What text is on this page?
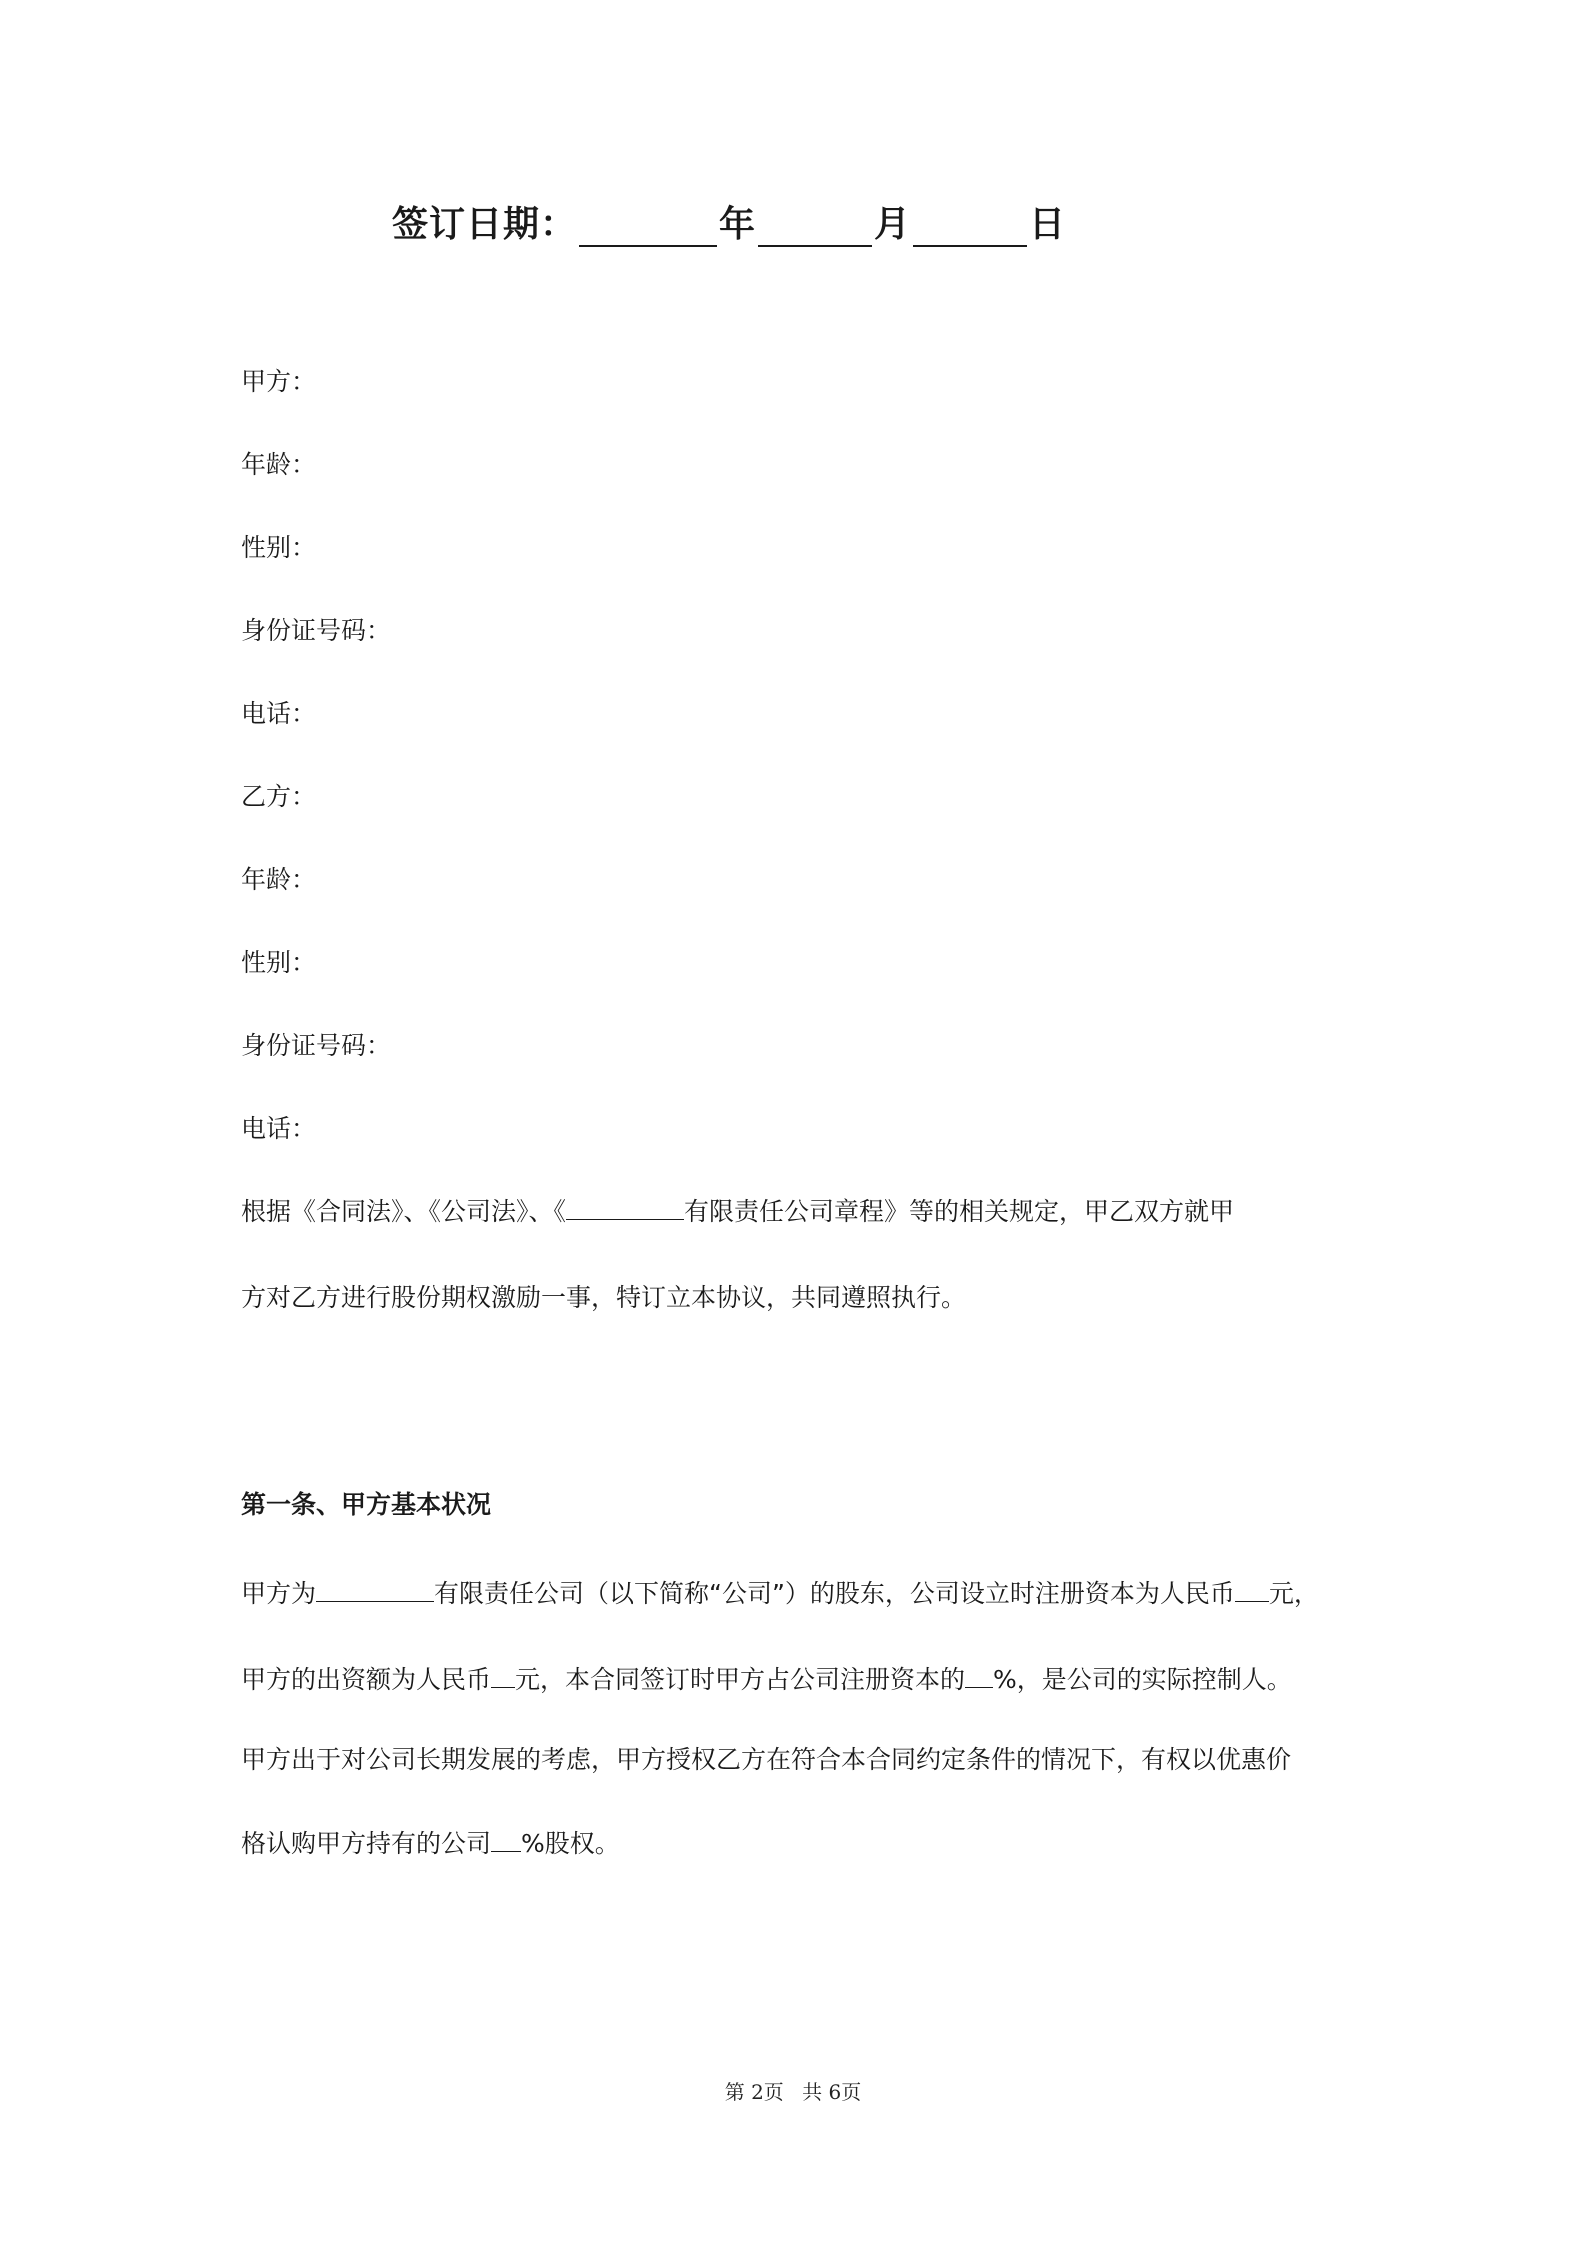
签订日期：	年	月	日
甲方：
年龄：
性别：
身份证号码：
电话：
乙方：
年龄：
性别：
身份证号码：
电话：
根据《合同法》、《公司法》、《	有限责任公司章程》等的相关规定，甲乙双方就甲
方对乙方进行股份期权激励一事，特订立本协议，共同遵照执行。
第一条、甲方基本状况
甲方为	有限责任公司（以下简称“公司”）的股东，公司设立时注册资本为人民币 元，
甲方的出资额为人民币 元，本合同签订时甲方占公司注册资本的 %，是公司的实际控制人。
甲方出于对公司长期发展的考虑，甲方授权乙方在符合本合同约定条件的情况下，有权以优惠价
格认购甲方持有的公司 %股权。
第 2页 共 6页
